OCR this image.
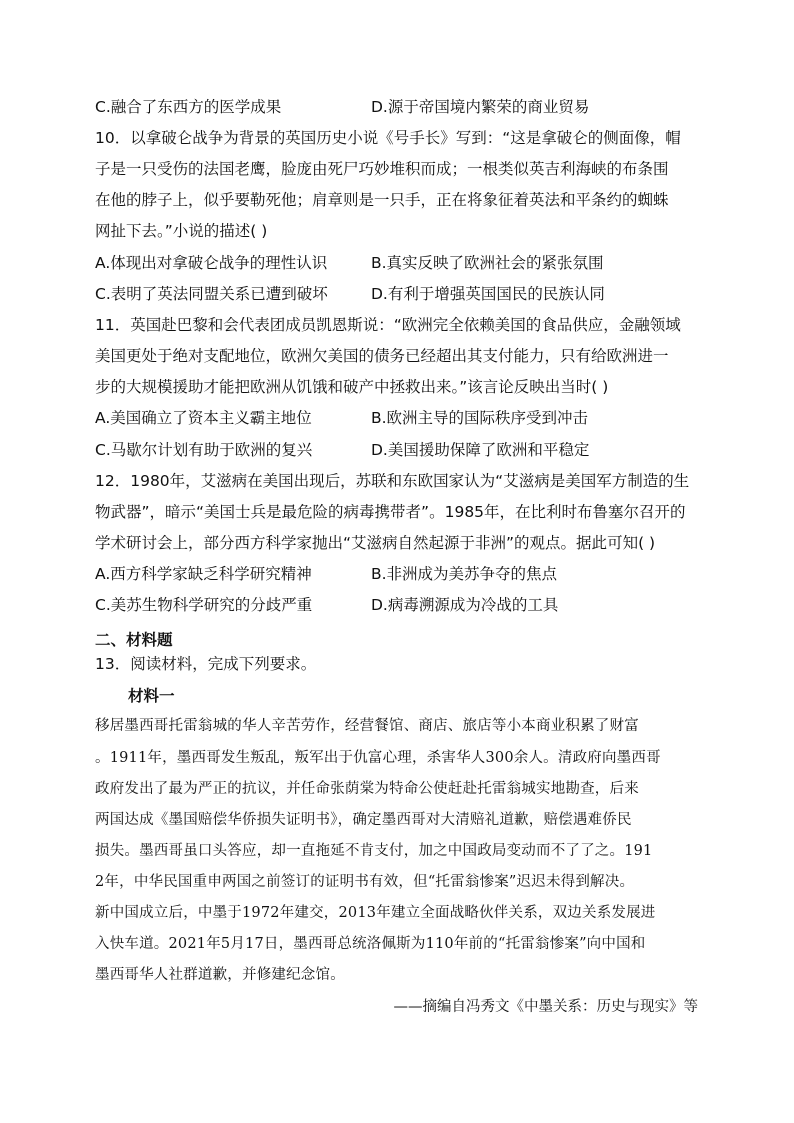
C.融合了东西方的医学成果	D.源于帝国境内繁荣的商业贸易
10．以拿破仑战争为背景的英国历史小说《号手长》写到：“这是拿破仑的侧面像，帽
子是一只受伤的法国老鹰，脸庞由死尸巧妙堆积而成；一根类似英吉利海峡的布条围
在他的脖子上，似乎要勒死他；肩章则是一只手，正在将象征着英法和平条约的蜘蛛
网扯下去。”小说的描述( )
A.体现出对拿破仑战争的理性认识	B.真实反映了欧洲社会的紧张氛围
C.表明了英法同盟关系已遭到破坏	D.有利于增强英国国民的民族认同
11．英国赴巴黎和会代表团成员凯恩斯说：“欧洲完全依赖美国的食品供应，金融领域
美国更处于绝对支配地位，欧洲欠美国的债务已经超出其支付能力，只有给欧洲进一
步的大规模援助才能把欧洲从饥饿和破产中拯救出来。”该言论反映出当时( )
A.美国确立了资本主义霸主地位	B.欧洲主导的国际秩序受到冲击
C.马歇尔计划有助于欧洲的复兴	D.美国援助保障了欧洲和平稳定
12．1980年，艾滋病在美国出现后，苏联和东欧国家认为“艾滋病是美国军方制造的生
物武器”，暗示“美国士兵是最危险的病毒携带者”。1985年，在比利时布鲁塞尔召开的
学术研讨会上，部分西方科学家抛出“艾滋病自然起源于非洲”的观点。据此可知( )
A.西方科学家缺乏科学研究精神	B.非洲成为美苏争夺的焦点
C.美苏生物科学研究的分歧严重	D.病毒溯源成为冷战的工具
二、材料题
13．阅读材料，完成下列要求。
材料一
移居墨西哥托雷翁城的华人辛苦劳作，经营餐馆、商店、旅店等小本商业积累了财富
。1911年，墨西哥发生叛乱，叛军出于仇富心理，杀害华人300余人。清政府向墨西哥
政府发出了最为严正的抗议，并任命张荫棠为特命公使赶赴托雷翁城实地勘查，后来
两国达成《墨国赔偿华侨损失证明书》，确定墨西哥对大清赔礼道歉，赔偿遇难侨民
损失。墨西哥虽口头答应，却一直拖延不肯支付，加之中国政局变动而不了了之。191
2年，中华民国重申两国之前签订的证明书有效，但“托雷翁惨案”迟迟未得到解决。
新中国成立后，中墨于1972年建交，2013年建立全面战略伙伴关系，双边关系发展进
入快车道。2021年5月17日，墨西哥总统洛佩斯为110年前的“托雷翁惨案”向中国和
墨西哥华人社群道歉，并修建纪念馆。
——摘编自冯秀文《中墨关系：历史与现实》等
